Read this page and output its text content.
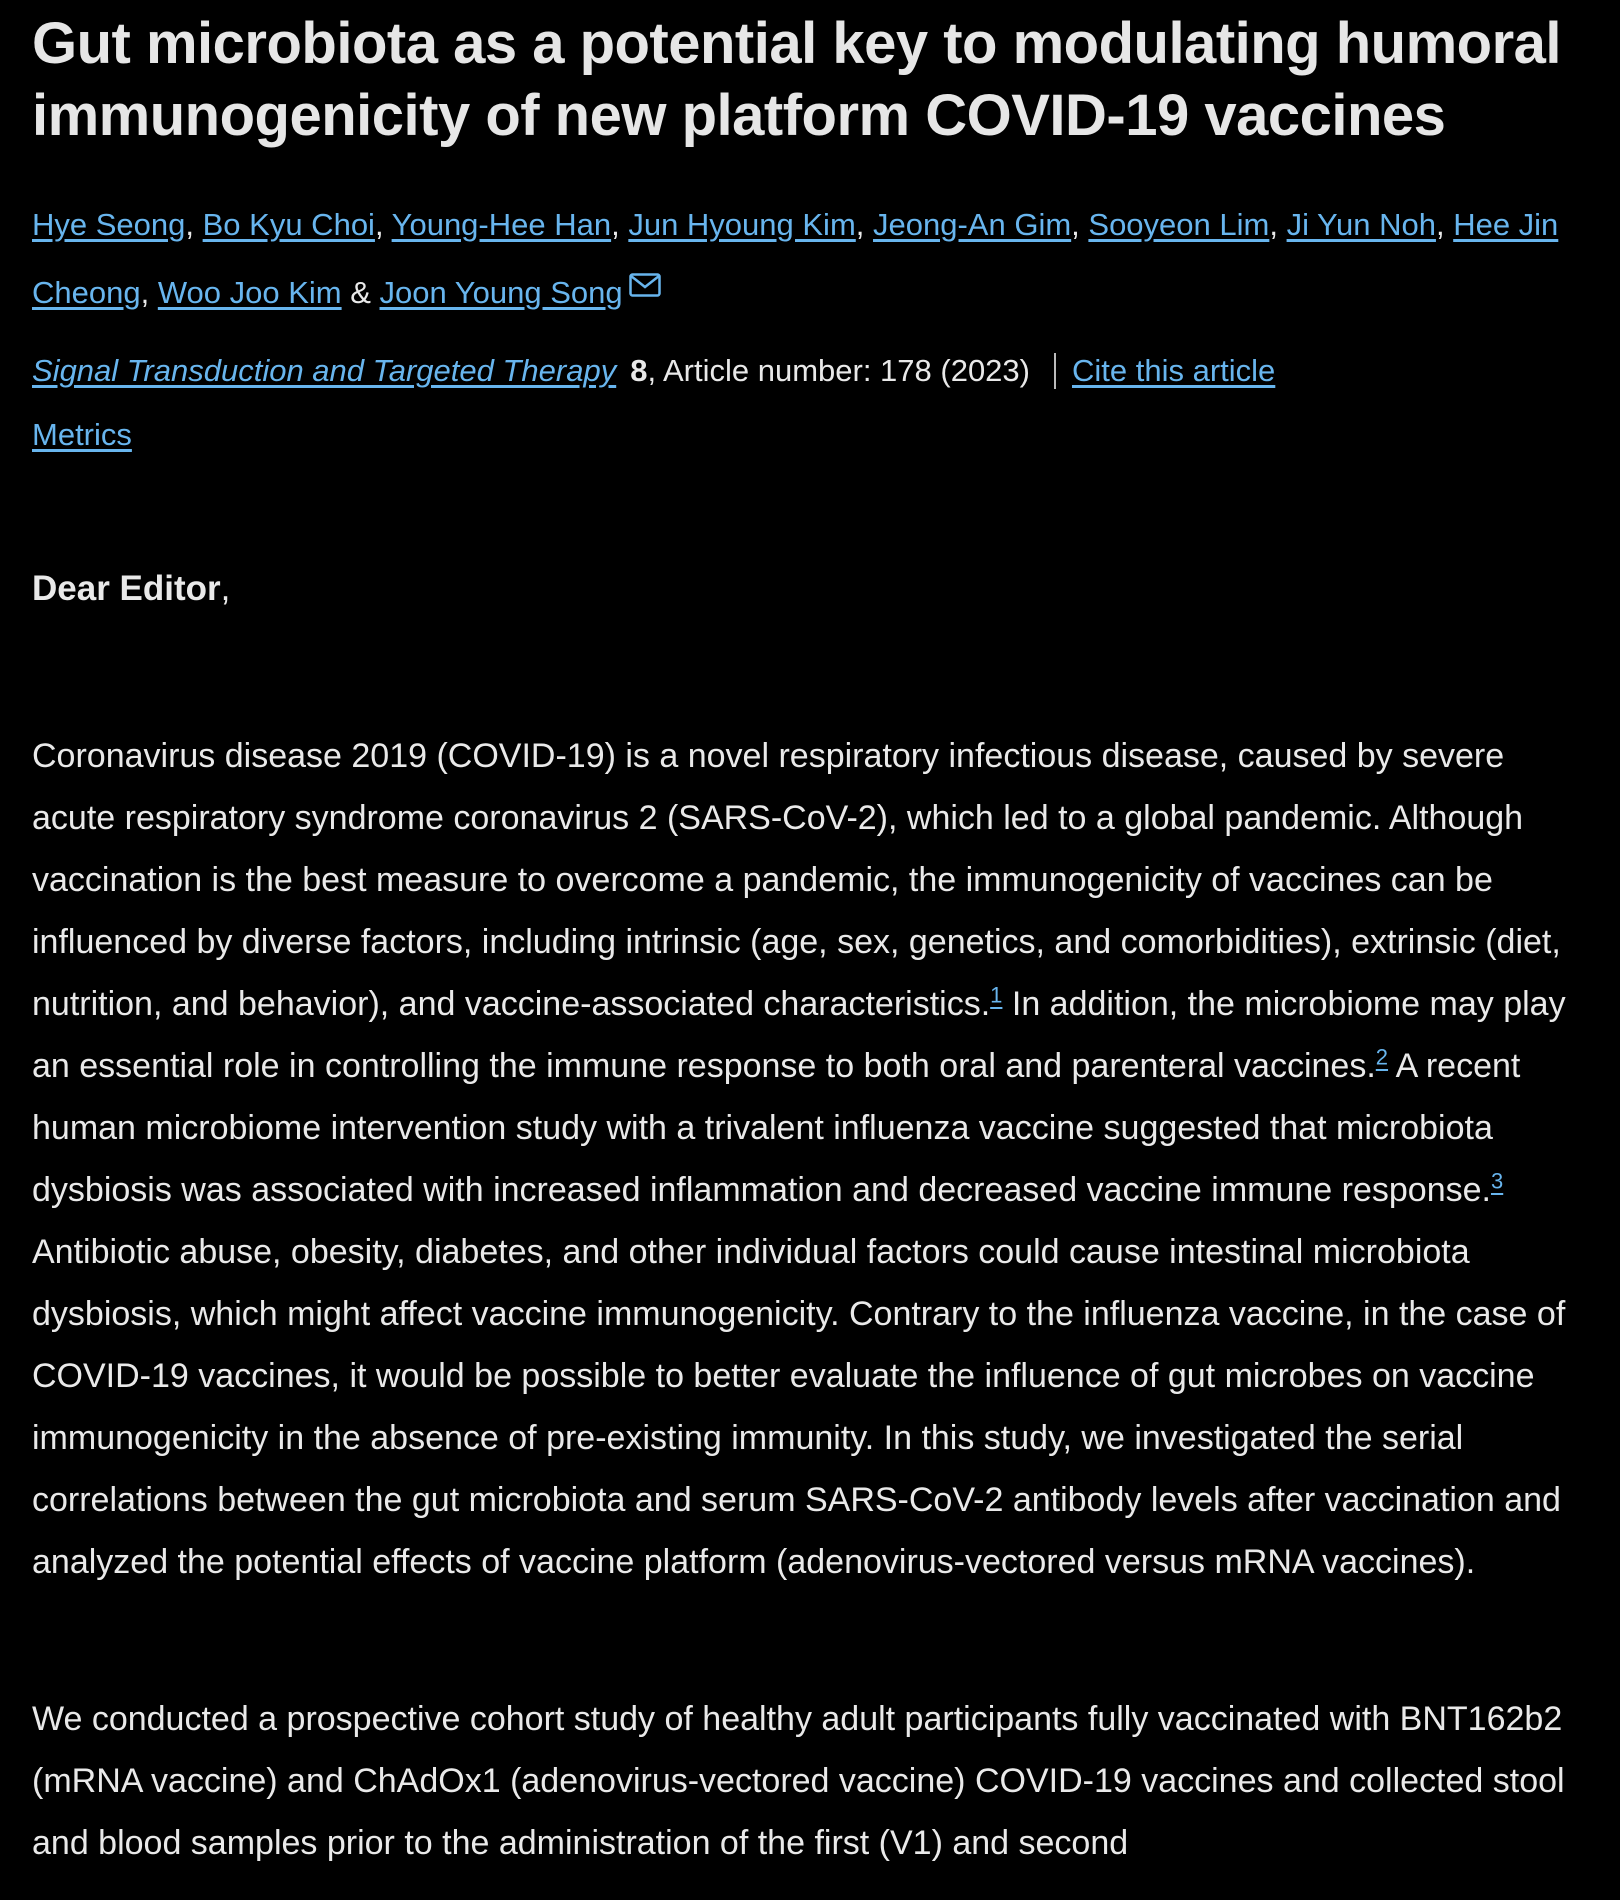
Gut microbiota as a potential key to modulating humoral immunogenicity of new platform COVID-19 vaccines
Hye Seong, Bo Kyu Choi, Young-Hee Han, Jun Hyoung Kim, Jeong-An Gim, Sooyeon Lim, Ji Yun Noh, Hee Jin Cheong, Woo Joo Kim & Joon Young Song
Signal Transduction and Targeted Therapy 8, Article number: 178 (2023) Cite this article
Metrics
Dear Editor,

Coronavirus disease 2019 (COVID-19) is a novel respiratory infectious disease, caused by severe acute respiratory syndrome coronavirus 2 (SARS-CoV-2), which led to a global pandemic. Although vaccination is the best measure to overcome a pandemic, the immunogenicity of vaccines can be influenced by diverse factors, including intrinsic (age, sex, genetics, and comorbidities), extrinsic (diet, nutrition, and behavior), and vaccine-associated characteristics.$^1$ In addition, the microbiome may play an essential role in controlling the immune response to both oral and parenteral vaccines.$^2$ A recent human microbiome intervention study with a trivalent influenza vaccine suggested that microbiota dysbiosis was associated with increased inflammation and decreased vaccine immune response.$^3$ Antibiotic abuse, obesity, diabetes, and other individual factors could cause intestinal microbiota dysbiosis, which might affect vaccine immunogenicity. Contrary to the influenza vaccine, in the case of COVID-19 vaccines, it would be possible to better evaluate the influence of gut microbes on vaccine immunogenicity in the absence of pre-existing immunity. In this study, we investigated the serial correlations between the gut microbiota and serum SARS-CoV-2 antibody levels after vaccination and analyzed the potential effects of vaccine platform (adenovirus-vectored versus mRNA vaccines).

We conducted a prospective cohort study of healthy adult participants fully vaccinated with BNT162b2 (mRNA vaccine) and ChAdOx1 (adenovirus-vectored vaccine) COVID-19 vaccines and collected stool and blood samples prior to the administration of the first (V1) and second
